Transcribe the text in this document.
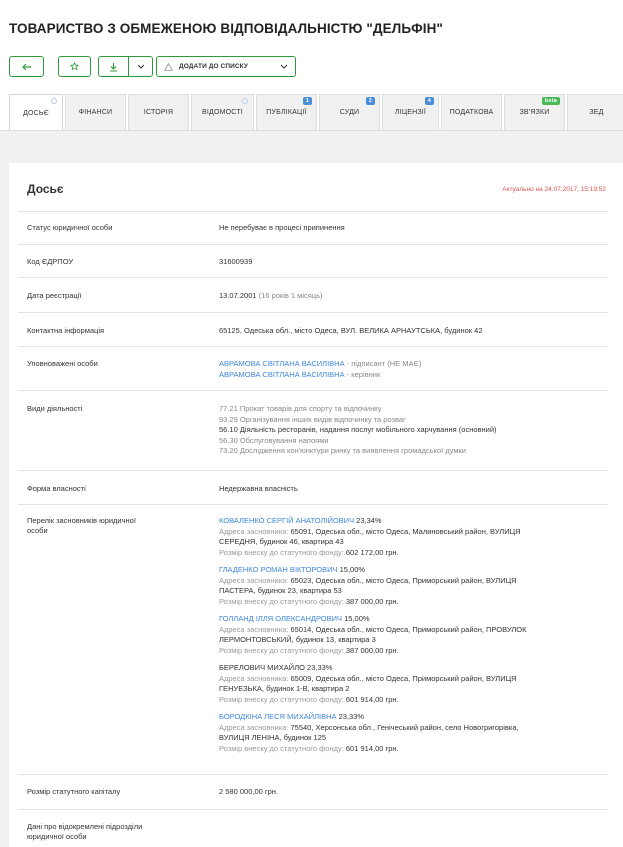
ТОВАРИСТВО З ОБМЕЖЕНОЮ ВІДПОВІДАЛЬНІСТЮ "ДЕЛЬФІН"
ДОДАТИ ДО СПИСКУ
ДОСЬЄ	ФІНАНСИ	ІСТОРІЯ	ВІДОМОСТІ	ПУБЛІКАЦІЇ
1
СУДИ
2
ЛІЦЕНЗІЇ
4
ПОДАТКОВА	ЗВ'ЯЗКИ
beta
ЗЕД
Досьє	Актуально на 24.07.2017, 15:19:52
Статус юридичної особи	Не перебуває в процесі припинення
Код ЄДРПОУ	31600939
Дата реєстрації	13.07.2001 (16 років 1 місяць)
Контактна інформація	65125, Одеська обл., місто Одеса, ВУЛ. ВЕЛИКА АРНАУТСЬКА, будинок 42
Уповноважені особи	АВРАМОВА СВІТЛАНА ВАСИЛІВНА - підписант (НЕ МАЄ)
АВРАМОВА СВІТЛАНА ВАСИЛІВНА - керівник
Види діяльності	77.21 Прокат товарів для спорту та відпочинку
93.29 Організування інших видів відпочинку та розваг
56.10 Діяльність ресторанів, надання послуг мобільного харчування (основний)
56.30 Обслуговування напоями
73.20 Дослідження кон'юнктури ринку та виявлення громадської думки
Форма власності	Недержавна власність
Перелік засновників юридичної
особи
КОВАЛЕНКО СЕРГІЙ АНАТОЛІЙОВИЧ 23,34%
Адреса засновника: 65091, Одеська обл., місто Одеса, Малиновський район, ВУЛИЦЯ
СЕРЕДНЯ, будинок 46, квартира 43
Розмір внеску до статутного фонду: 602 172,00 грн.
ГЛАДЕНКО РОМАН ВІКТОРОВИЧ 15,00%
Адреса засновника: 65023, Одеська обл., місто Одеса, Приморський район, ВУЛИЦЯ
ПАСТЕРА, будинок 23, квартира 53
Розмір внеску до статутного фонду: 387 000,00 грн.
ГОЛЛАНД ІЛЛЯ ОЛЕКСАНДРОВИЧ 15,00%
Адреса засновника: 65014, Одеська обл., місто Одеса, Приморський район, ПРОВУЛОК
ЛЕРМОНТОВСЬКИЙ, будинок 13, квартира 3
Розмір внеску до статутного фонду: 387 000,00 грн.
БЕРЕЛОВИЧ МИХАЙЛО 23,33%
Адреса засновника: 65009, Одеська обл., місто Одеса, Приморський район, ВУЛИЦЯ
ГЕНУЕЗЬКА, будинок 1-В, квартира 2
Розмір внеску до статутного фонду: 601 914,00 грн.
БОРОДКІНА ЛЕСЯ МИХАЙЛІВНА 23,33%
Адреса засновника: 75540, Херсонська обл., Генічеський район, село Новогригорівка,
ВУЛИЦЯ ЛЕНІНА, будинок 125
Розмір внеску до статутного фонду: 601 914,00 грн.
Розмір статутного капіталу	2 580 000,00 грн.
Дані про відокремлені підрозділи
юридичної особи
